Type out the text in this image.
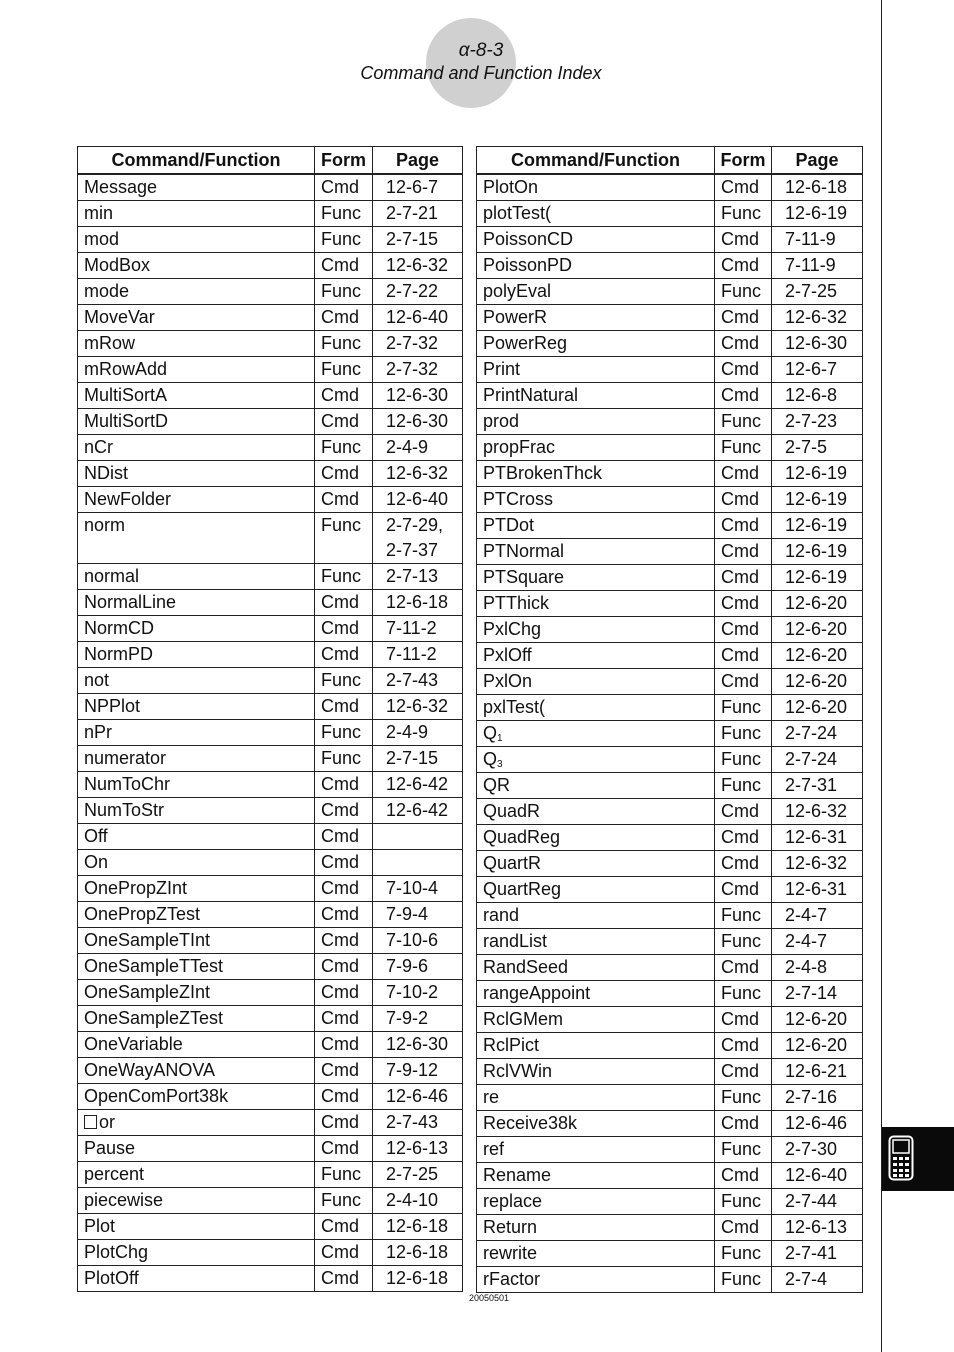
α-8-3
Command and Function Index
Command/Function	Form	Page
Message	Cmd	12-6-7
min	Func	2-7-21
mod	Func	2-7-15
ModBox	Cmd	12-6-32
mode	Func	2-7-22
MoveVar	Cmd	12-6-40
mRow	Func	2-7-32
mRowAdd	Func	2-7-32
MultiSortA	Cmd	12-6-30
MultiSortD	Cmd	12-6-30
nCr	Func	2-4-9
NDist	Cmd	12-6-32
NewFolder	Cmd	12-6-40
norm	Func	2-7-29,
		2-7-37
normal	Func	2-7-13
NormalLine	Cmd	12-6-18
NormCD	Cmd	7-11-2
NormPD	Cmd	7-11-2
not	Func	2-7-43
NPPlot	Cmd	12-6-32
nPr	Func	2-4-9
numerator	Func	2-7-15
NumToChr	Cmd	12-6-42
NumToStr	Cmd	12-6-42
Off	Cmd	
On	Cmd	
OnePropZInt	Cmd	7-10-4
OnePropZTest	Cmd	7-9-4
OneSampleTInt	Cmd	7-10-6
OneSampleTTest	Cmd	7-9-6
OneSampleZInt	Cmd	7-10-2
OneSampleZTest	Cmd	7-9-2
OneVariable	Cmd	12-6-30
OneWayANOVA	Cmd	7-9-12
OpenComPort38k	Cmd	12-6-46
or	Cmd	2-7-43
Pause	Cmd	12-6-13
percent	Func	2-7-25
piecewise	Func	2-4-10
Plot	Cmd	12-6-18
PlotChg	Cmd	12-6-18
PlotOff	Cmd	12-6-18
Command/Function	Form	Page
PlotOn	Cmd	12-6-18
plotTest(	Func	12-6-19
PoissonCD	Cmd	7-11-9
PoissonPD	Cmd	7-11-9
polyEval	Func	2-7-25
PowerR	Cmd	12-6-32
PowerReg	Cmd	12-6-30
Print	Cmd	12-6-7
PrintNatural	Cmd	12-6-8
prod	Func	2-7-23
propFrac	Func	2-7-5
PTBrokenThck	Cmd	12-6-19
PTCross	Cmd	12-6-19
PTDot	Cmd	12-6-19
PTNormal	Cmd	12-6-19
PTSquare	Cmd	12-6-19
PTThick	Cmd	12-6-20
PxlChg	Cmd	12-6-20
PxlOff	Cmd	12-6-20
PxlOn	Cmd	12-6-20
pxlTest(	Func	12-6-20
$Q_1$	Func	2-7-24
$Q_3$	Func	2-7-24
QR	Func	2-7-31
QuadR	Cmd	12-6-32
QuadReg	Cmd	12-6-31
QuartR	Cmd	12-6-32
QuartReg	Cmd	12-6-31
rand	Func	2-4-7
randList	Func	2-4-7
RandSeed	Cmd	2-4-8
rangeAppoint	Func	2-7-14
RclGMem	Cmd	12-6-20
RclPict	Cmd	12-6-20
RclVWin	Cmd	12-6-21
re	Func	2-7-16
Receive38k	Cmd	12-6-46
ref	Func	2-7-30
Rename	Cmd	12-6-40
replace	Func	2-7-44
Return	Cmd	12-6-13
rewrite	Func	2-7-41
rFactor	Func	2-7-4
20050501
